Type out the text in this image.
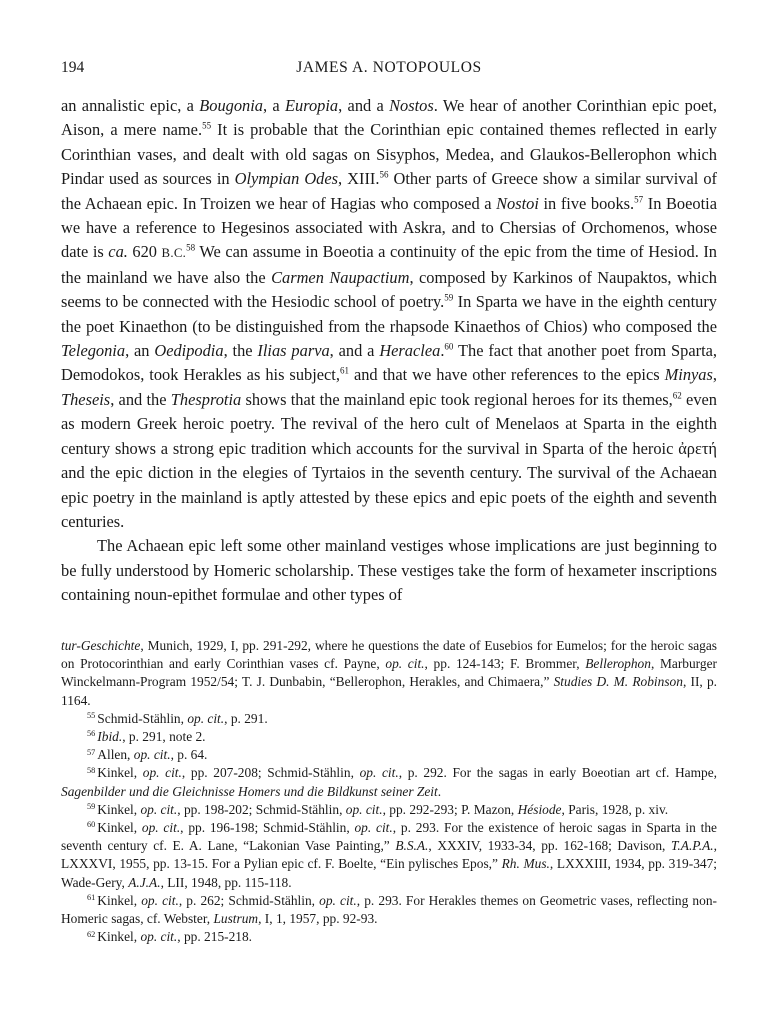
194	JAMES A. NOTOPOULOS

an annalistic epic, a Bougonia, a Europia, and a Nostos. We hear of another Corinthian epic poet, Aison, a mere name.$^{55}$ It is probable that the Corinthian epic contained themes reflected in early Corinthian vases, and dealt with old sagas on Sisyphos, Medea, and Glaukos-Bellerophon which Pindar used as sources in Olympian Odes, XIII.$^{56}$ Other parts of Greece show a similar survival of the Achaean epic. In Troizen we hear of Hagias who composed a Nostoi in five books.$^{57}$ In Boeotia we have a reference to Hegesinos associated with Askra, and to Chersias of Orchomenos, whose date is ca. 620 B.C.$^{58}$ We can assume in Boeotia a continuity of the epic from the time of Hesiod. In the mainland we have also the Carmen Naupactium, composed by Karkinos of Naupaktos, which seems to be connected with the Hesiodic school of poetry.$^{59}$ In Sparta we have in the eighth century the poet Kinaethon (to be distinguished from the rhapsode Kinaethos of Chios) who composed the Telegonia, an Oedipodia, the Ilias parva, and a Heraclea.$^{60}$ The fact that another poet from Sparta, Demodokos, took Herakles as his subject,$^{61}$ and that we have other references to the epics Minyas, Theseis, and the Thesprotia shows that the mainland epic took regional heroes for its themes,$^{62}$ even as modern Greek heroic poetry. The revival of the hero cult of Menelaos at Sparta in the eighth century shows a strong epic tradition which accounts for the survival in Sparta of the heroic ἀρετή and the epic diction in the elegies of Tyrtaios in the seventh century. The survival of the Achaean epic poetry in the mainland is aptly attested by these epics and epic poets of the eighth and seventh centuries.

The Achaean epic left some other mainland vestiges whose implications are just beginning to be fully understood by Homeric scholarship. These vestiges take the form of hexameter inscriptions containing noun-epithet formulae and other types of

tur-Geschichte, Munich, 1929, I, pp. 291-292, where he questions the date of Eusebios for Eumelos; for the heroic sagas on Protocorinthian and early Corinthian vases cf. Payne, op. cit., pp. 124-143; F. Brommer, Bellerophon, Marburger Winckelmann-Program 1952/54; T. J. Dunbabin, “Bellerophon, Herakles, and Chimaera,” Studies D. M. Robinson, II, p. 1164.

$^{55}$ Schmid-Stählin, op. cit., p. 291.

$^{56}$ Ibid., p. 291, note 2.

$^{57}$ Allen, op. cit., p. 64.

$^{58}$ Kinkel, op. cit., pp. 207-208; Schmid-Stählin, op. cit., p. 292. For the sagas in early Boeotian art cf. Hampe, Sagenbilder und die Gleichnisse Homers und die Bildkunst seiner Zeit.

$^{59}$ Kinkel, op. cit., pp. 198-202; Schmid-Stählin, op. cit., pp. 292-293; P. Mazon, Hésiode, Paris, 1928, p. xiv.

$^{60}$ Kinkel, op. cit., pp. 196-198; Schmid-Stählin, op. cit., p. 293. For the existence of heroic sagas in Sparta in the seventh century cf. E. A. Lane, “Lakonian Vase Painting,” B.S.A., XXXIV, 1933-34, pp. 162-168; Davison, T.A.P.A., LXXXVI, 1955, pp. 13-15. For a Pylian epic cf. F. Boelte, “Ein pylisches Epos,” Rh. Mus., LXXXIII, 1934, pp. 319-347; Wade-Gery, A.J.A., LII, 1948, pp. 115-118.

$^{61}$ Kinkel, op. cit., p. 262; Schmid-Stählin, op. cit., p. 293. For Herakles themes on Geometric vases, reflecting non-Homeric sagas, cf. Webster, Lustrum, I, 1, 1957, pp. 92-93.

$^{62}$ Kinkel, op. cit., pp. 215-218.
